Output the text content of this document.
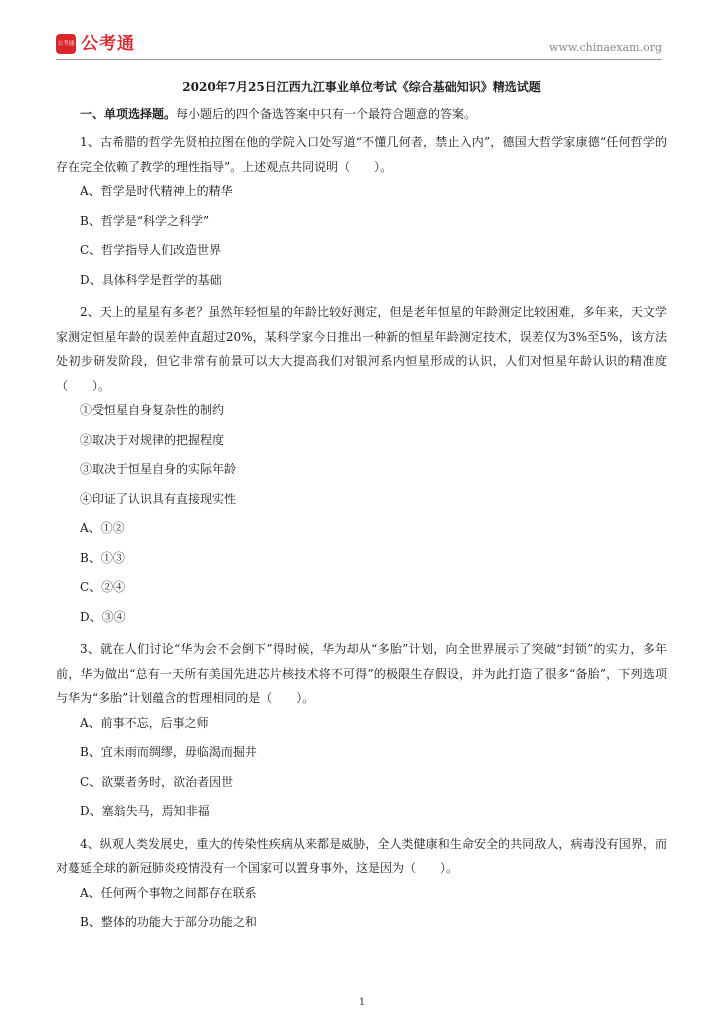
公考通 公考通	www.chinaexam.org
2020年7月25日江西九江事业单位考试《综合基础知识》精选试题
一、单项选择题。每小题后的四个备选答案中只有一个最符合题意的答案。
1、古希腊的哲学先贤柏拉图在他的学院入口处写道“不懂几何者，禁止入内”，德国大哲学家康德“任何哲学的存在完全依赖了教学的理性指导”。上述观点共同说明（　　）。
A、哲学是时代精神上的精华
B、哲学是“科学之科学”
C、哲学指导人们改造世界
D、具体科学是哲学的基础
2、天上的星星有多老？虽然年轻恒星的年龄比较好测定，但是老年恒星的年龄测定比较困难，多年来，天文学家测定恒星年龄的误差仲直超过20%，某科学家今日推出一种新的恒星年龄测定技术，误差仅为3%至5%，该方法处初步研发阶段，但它非常有前景可以大大提高我们对银河系内恒星形成的认识，人们对恒星年龄认识的精准度（　　）。
①受恒星自身复杂性的制约
②取决于对规律的把握程度
③取决于恒星自身的实际年龄
④印证了认识具有直接现实性
A、①②
B、①③
C、②④
D、③④
3、就在人们讨论“华为会不会倒下”得时候，华为却从“多胎”计划，向全世界展示了突破“封锁”的实力，多年前，华为做出“总有一天所有美国先进芯片核技术将不可得”的极限生存假设，并为此打造了很多“备胎”，下列选项与华为“多胎”计划蕴含的哲理相同的是（　　）。
A、前事不忘，后事之师
B、宜未雨而绸缪，毋临渴而掘井
C、欲粟者务时，欲治者因世
D、塞翁失马，焉知非福
4、纵观人类发展史，重大的传染性疾病从来都是威胁，全人类健康和生命安全的共同敌人，病毒没有国界，而对蔓延全球的新冠肺炎疫情没有一个国家可以置身事外，这是因为（　　）。
A、任何两个事物之间都存在联系
B、整体的功能大于部分功能之和
1
